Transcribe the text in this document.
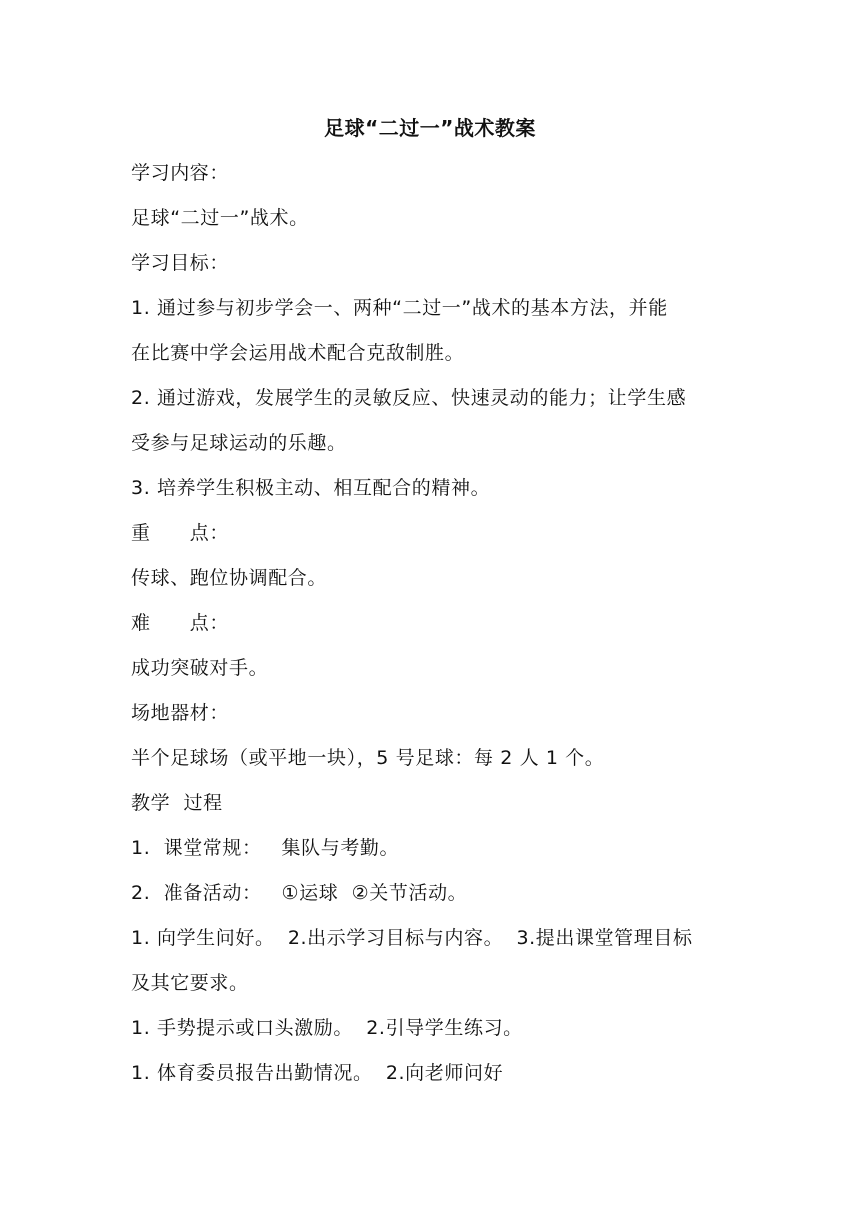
足球“二过一”战术教案
学习内容：
足球“二过一”战术。
学习目标：
1. 通过参与初步学会一、两种“二过一”战术的基本方法，并能
在比赛中学会运用战术配合克敌制胜。
2. 通过游戏，发展学生的灵敏反应、快速灵动的能力；让学生感
受参与足球运动的乐趣。
3. 培养学生积极主动、相互配合的精神。
重　　点：
传球、跑位协调配合。
难　　点：
成功突破对手。
场地器材：
半个足球场（或平地一块），5 号足球：每 2 人 1 个。
教学  过程
1.  课堂常规：   集队与考勤。
2.  准备活动：   ①运球  ②关节活动。
1. 向学生问好。  2.出示学习目标与内容。  3.提出课堂管理目标
及其它要求。
1. 手势提示或口头激励。  2.引导学生练习。
1. 体育委员报告出勤情况。  2.向老师问好
